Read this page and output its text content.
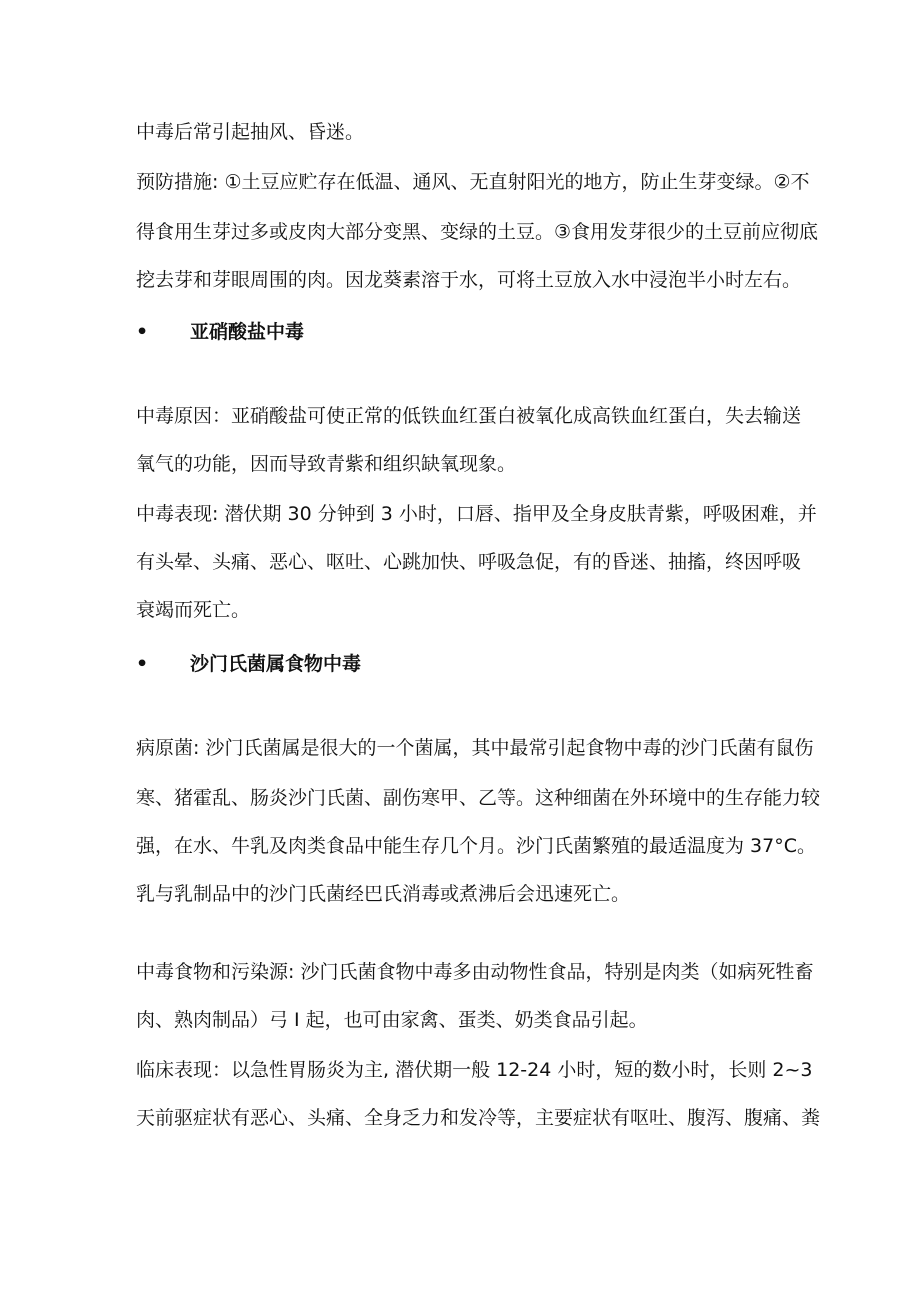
中毒后常引起抽风、昏迷。

预防措施: ①土豆应贮存在低温、通风、无直射阳光的地方，防止生芽变绿。②不

得食用生芽过多或皮肉大部分变黑、变绿的土豆。③食用发芽很少的土豆前应彻底

挖去芽和芽眼周围的肉。因龙葵素溶于水，可将土豆放入水中浸泡半小时左右。

• 亚硝酸盐中毒

中毒原因：亚硝酸盐可使正常的低铁血红蛋白被氧化成高铁血红蛋白，失去输送

氧气的功能，因而导致青紫和组织缺氧现象。

中毒表现: 潜伏期 30 分钟到 3 小时，口唇、指甲及全身皮肤青紫，呼吸困难，并

有头晕、头痛、恶心、呕吐、心跳加快、呼吸急促，有的昏迷、抽搐，终因呼吸

衰竭而死亡。

• 沙门氏菌属食物中毒

病原菌: 沙门氏菌属是很大的一个菌属，其中最常引起食物中毒的沙门氏菌有鼠伤

寒、猪霍乱、肠炎沙门氏菌、副伤寒甲、乙等。这种细菌在外环境中的生存能力较

强，在水、牛乳及肉类食品中能生存几个月。沙门氏菌繁殖的最适温度为 37°C。

乳与乳制品中的沙门氏菌经巴氏消毒或煮沸后会迅速死亡。

中毒食物和污染源: 沙门氏菌食物中毒多由动物性食品，特别是肉类（如病死牲畜

肉、熟肉制品）弓 I 起，也可由家禽、蛋类、奶类食品引起。

临床表现：以急性胃肠炎为主, 潜伏期一般 12-24 小时，短的数小时，长则 2~3

天前驱症状有恶心、头痛、全身乏力和发冷等，主要症状有呕吐、腹泻、腹痛、粪
